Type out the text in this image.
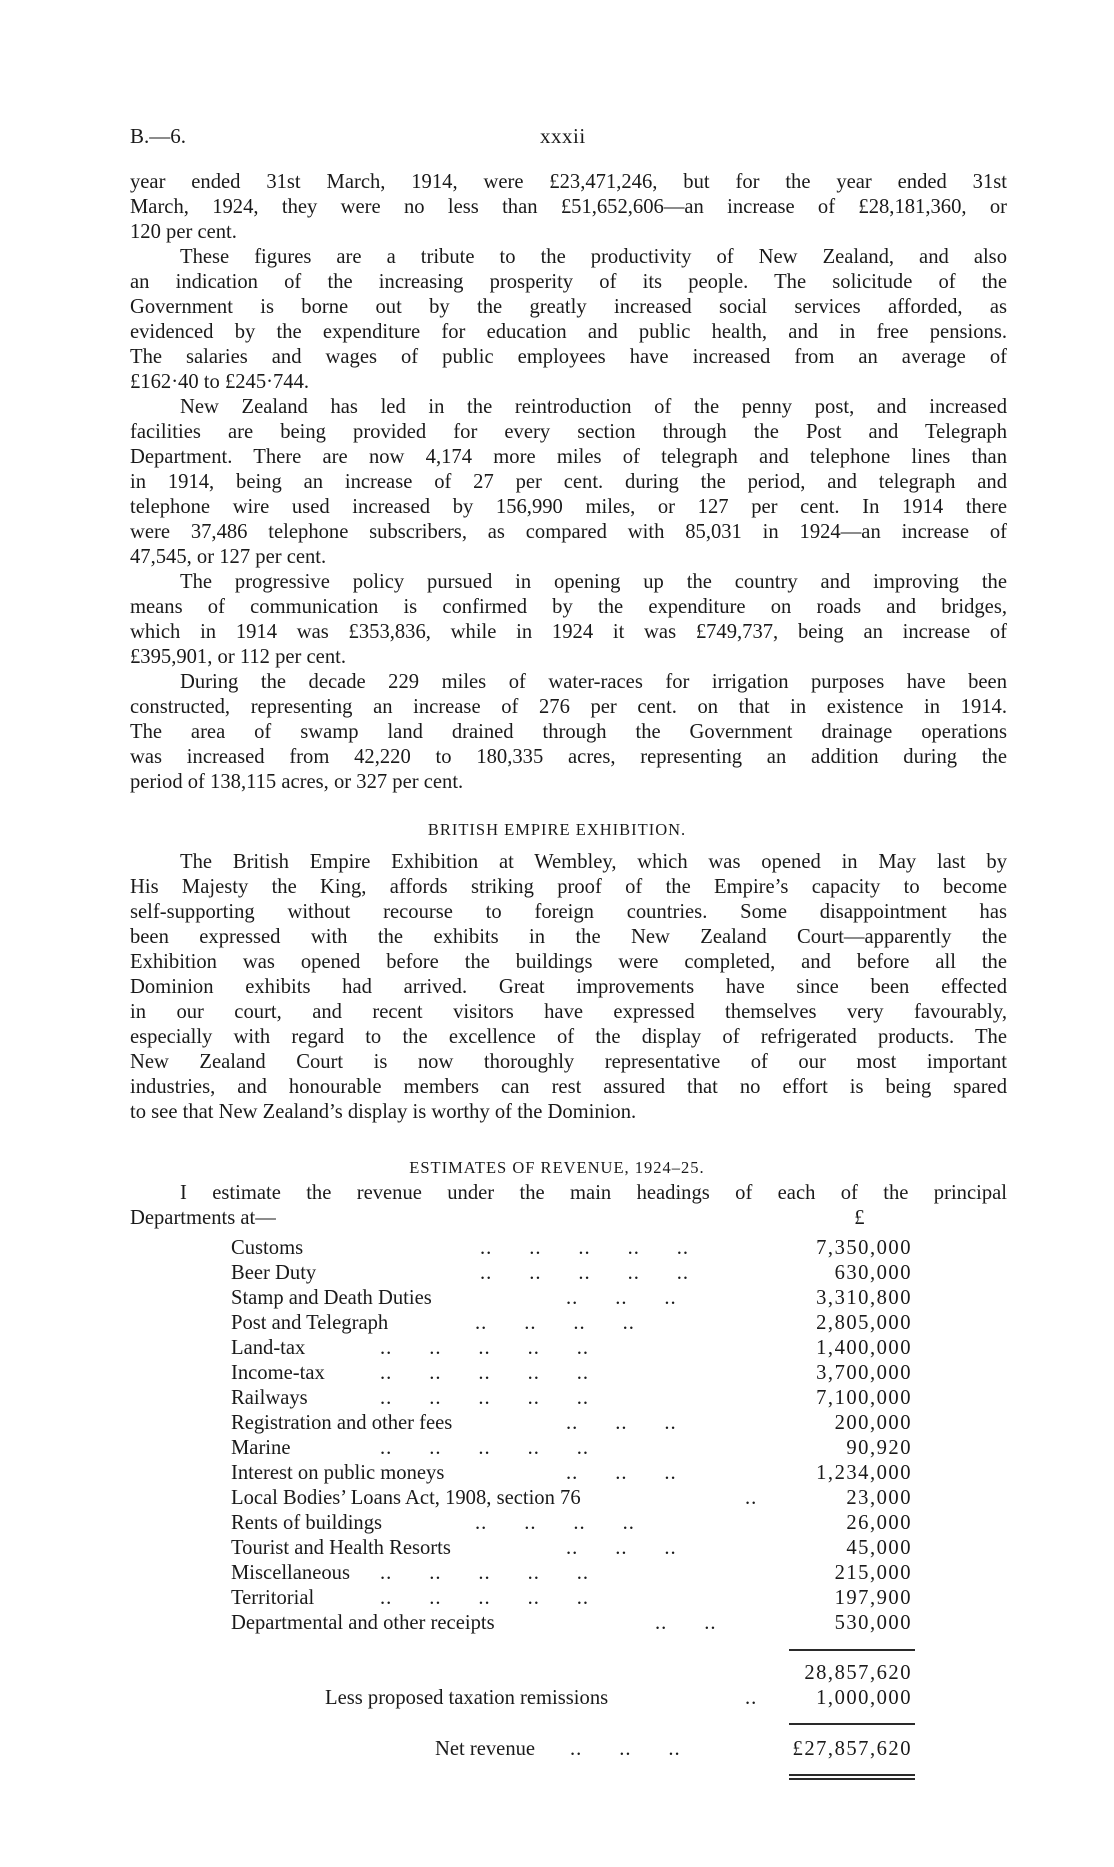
B.—6.	xxxii
year ended 31st March, 1914, were £23,471,246, but for the year ended 31st
March, 1924, they were no less than £51,652,606—an increase of £28,181,360, or
120 per cent.
These figures are a tribute to the productivity of New Zealand, and also
an indication of the increasing prosperity of its people. The solicitude of the
Government is borne out by the greatly increased social services afforded, as
evidenced by the expenditure for education and public health, and in free pensions.
The salaries and wages of public employees have increased from an average of
£162·40 to £245·744.
New Zealand has led in the reintroduction of the penny post, and increased
facilities are being provided for every section through the Post and Telegraph
Department. There are now 4,174 more miles of telegraph and telephone lines than
in 1914, being an increase of 27 per cent. during the period, and telegraph and
telephone wire used increased by 156,990 miles, or 127 per cent. In 1914 there
were 37,486 telephone subscribers, as compared with 85,031 in 1924—an increase of
47,545, or 127 per cent.
The progressive policy pursued in opening up the country and improving the
means of communication is confirmed by the expenditure on roads and bridges,
which in 1914 was £353,836, while in 1924 it was £749,737, being an increase of
£395,901, or 112 per cent.
During the decade 229 miles of water-races for irrigation purposes have been
constructed, representing an increase of 276 per cent. on that in existence in 1914.
The area of swamp land drained through the Government drainage operations
was increased from 42,220 to 180,335 acres, representing an addition during the
period of 138,115 acres, or 327 per cent.
BRITISH EMPIRE EXHIBITION.
The British Empire Exhibition at Wembley, which was opened in May last by
His Majesty the King, affords striking proof of the Empire’s capacity to become
self-supporting without recourse to foreign countries. Some disappointment has
been expressed with the exhibits in the New Zealand Court—apparently the
Exhibition was opened before the buildings were completed, and before all the
Dominion exhibits had arrived. Great improvements have since been effected
in our court, and recent visitors have expressed themselves very favourably,
especially with regard to the excellence of the display of refrigerated products. The
New Zealand Court is now thoroughly representative of our most important
industries, and honourable members can rest assured that no effort is being spared
to see that New Zealand’s display is worthy of the Dominion.
ESTIMATES OF REVENUE, 1924–25.
I estimate the revenue under the main headings of each of the principal
Departments at—	£
Customs	..      ..      ..      ..      ..	7,350,000
Beer Duty	..      ..      ..      ..      ..	630,000
Stamp and Death Duties	..      ..      ..	3,310,800
Post and Telegraph	..      ..      ..      ..	2,805,000
Land-tax	..      ..      ..      ..      ..	1,400,000
Income-tax	..      ..      ..      ..      ..	3,700,000
Railways	..      ..      ..      ..      ..	7,100,000
Registration and other fees	..      ..      ..	200,000
Marine	..      ..      ..      ..      ..	90,920
Interest on public moneys	..      ..      ..	1,234,000
Local Bodies’ Loans Act, 1908, section 76	..	23,000
Rents of buildings	..      ..      ..      ..	26,000
Tourist and Health Resorts	..      ..      ..	45,000
Miscellaneous ..      ..      ..      ..      ..	215,000
Territorial	..      ..      ..      ..      ..	197,900
Departmental and other receipts	..      ..	530,000
28,857,620
Less proposed taxation remissions	..	1,000,000
Net revenue ..      ..      ..	£27,857,620
